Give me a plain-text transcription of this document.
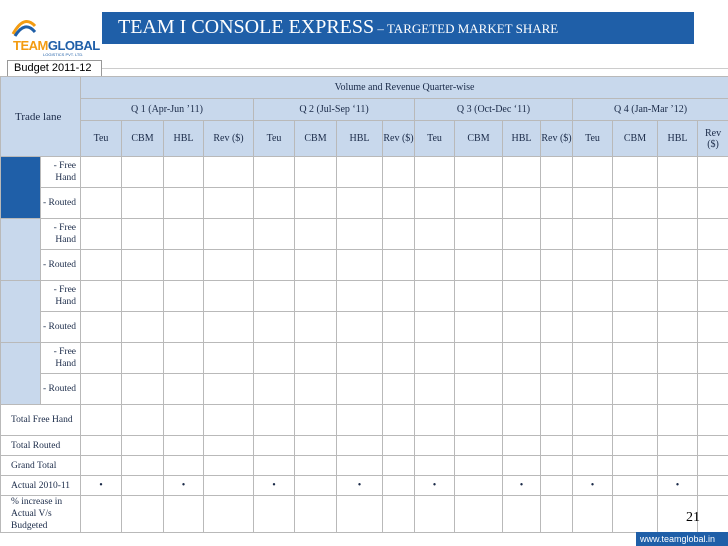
TEAMGLOBAL
LOGISTICS PVT. LTD.
TEAM I CONSOLE EXPRESS – TARGETED MARKET SHARE
Budget 2011-12
Trade lane		Volume and Revenue Quarter-wise															
		Q 1 (Apr-Jun ’11)				Q 2 (Jul-Sep ‘11)				Q 3 (Oct-Dec ‘11)				Q 4 (Jan-Mar ’12)			
		Teu	CBM	HBL	Rev ($)	Teu	CBM	HBL	Rev ($)	Teu	CBM	HBL	Rev ($)	Teu	CBM	HBL	Rev ($)
	- Free Hand																
	- Routed																
	- Free Hand																
	- Routed																
	- Free Hand																
	- Routed																
	- Free Hand																
	- Routed																
Total Free Hand																	
Total Routed																	
Grand Total																	
Actual 2010-11		•		•		•		•		•		•		•		•	
% increase in Actual V/s Budgeted																	
21
www.teamglobal.in
